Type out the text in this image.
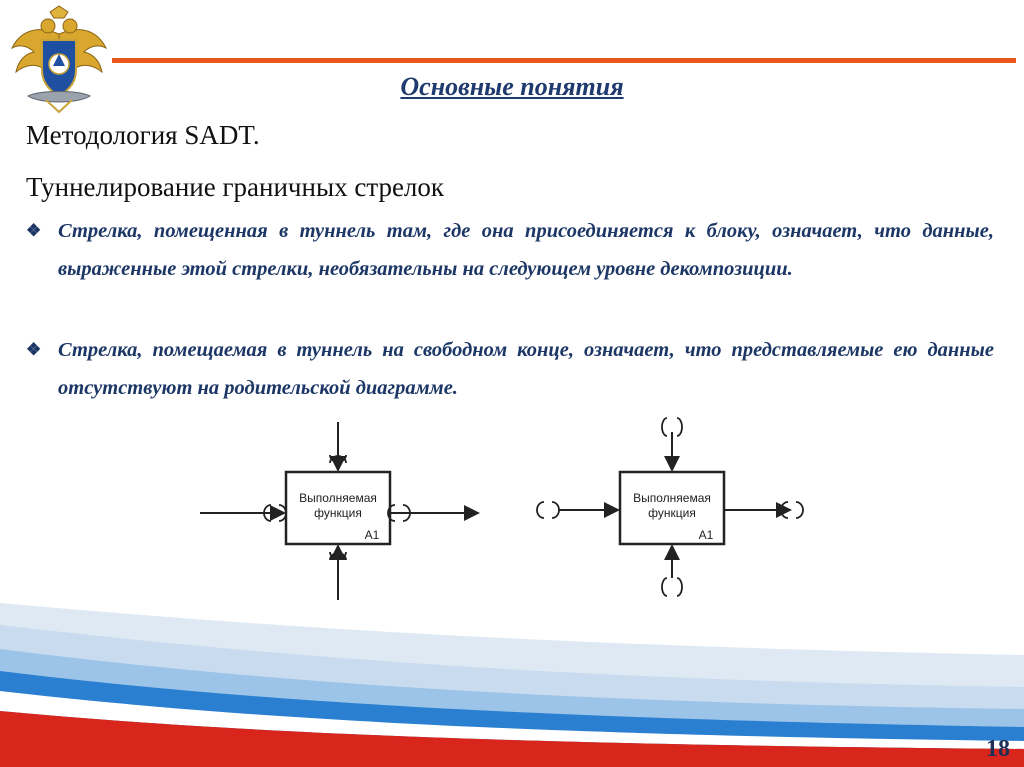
Основные понятия
Методология SADT.
Туннелирование граничных стрелок
❖ Стрелка, помещенная в туннель там, где она присоединяется к блоку, означает, что данные, выраженные этой стрелки, необязательны на следующем уровне декомпозиции.
❖ Стрелка, помещаемая в туннель на свободном конце, означает, что представляемые ею данные отсутствуют на родительской диаграмме.
Выполняемая
функция
A1
Выполняемая
функция
A1
18
